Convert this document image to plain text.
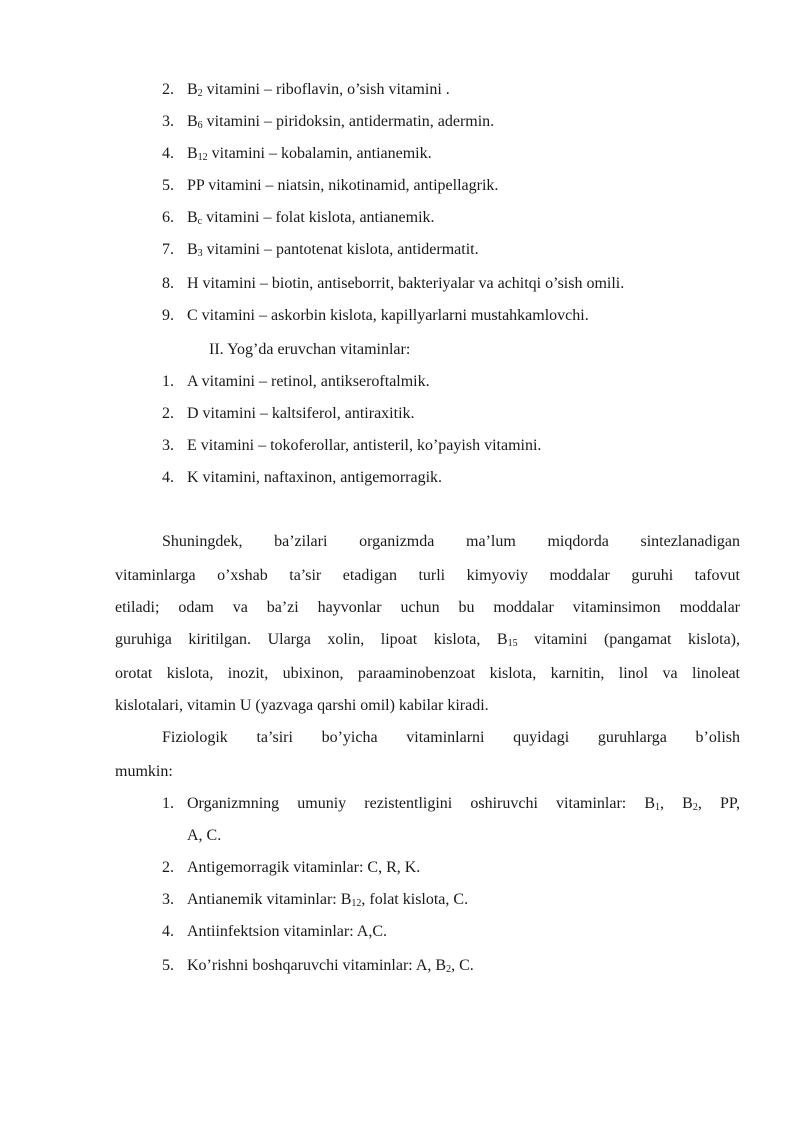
2. $B_2$ vitamini – riboflavin, o’sish vitamini .
3. $B_6$ vitamini – piridoksin, antidermatin, adermin.
4. $B_{12}$ vitamini – kobalamin, antianemik.
5. PP vitamini – niatsin, nikotinamid, antipellagrik.
6. $B_c$ vitamini – folat kislota, antianemik.
7. $B_3$ vitamini – pantotenat kislota, antidermatit.
8. H vitamini – biotin, antiseborrit, bakteriyalar va achitqi o’sish omili.
9. C vitamini – askorbin kislota, kapillyarlarni mustahkamlovchi.
II. Yog’da eruvchan vitaminlar:
1. A vitamini – retinol, antikseroftalmik.
2. D vitamini – kaltsiferol, antiraxitik.
3. E vitamini – tokoferollar, antisteril, ko’payish vitamini.
4. K vitamini, naftaxinon, antigemorragik.
Shuningdek, ba’zilari organizmda ma’lum miqdorda sintezlanadigan
vitaminlarga o’xshab ta’sir etadigan turli kimyoviy moddalar guruhi tafovut
etiladi; odam va ba’zi hayvonlar uchun bu moddalar vitaminsimon moddalar
guruhiga kiritilgan. Ularga xolin, lipoat kislota, $B_{15}$ vitamini (pangamat kislota),
orotat kislota, inozit, ubixinon, paraaminobenzoat kislota, karnitin, linol va linoleat
kislotalari, vitamin U (yazvaga qarshi omil) kabilar kiradi.
Fiziologik ta’siri bo’yicha vitaminlarni quyidagi guruhlarga b’olish
mumkin:
1. Organizmning umuniy rezistentligini oshiruvchi vitaminlar: $B_1$, $B_2$, PP,
A, C.
2. Antigemorragik vitaminlar: C, R, K.
3. Antianemik vitaminlar: $B_{12}$, folat kislota, C.
4. Antiinfektsion vitaminlar: A,C.
5. Ko’rishni boshqaruvchi vitaminlar: A, $B_2$, C.
